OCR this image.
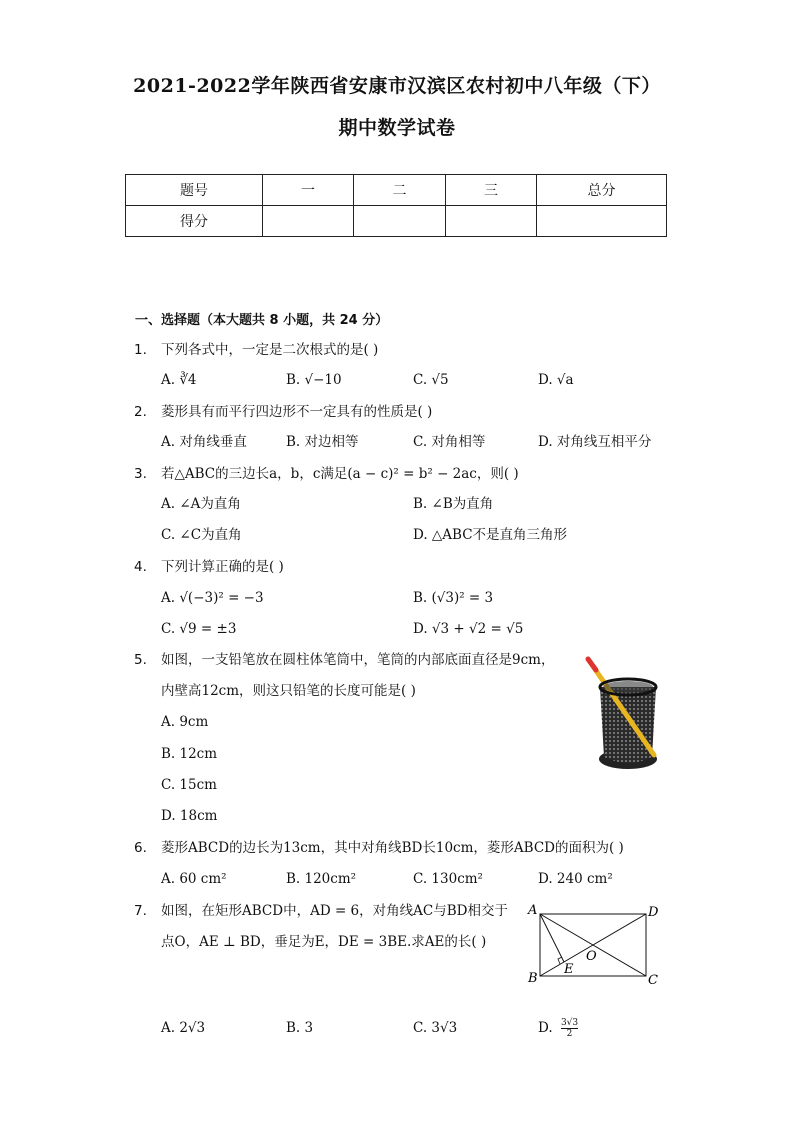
2021-2022学年陕西省安康市汉滨区农村初中八年级（下）
期中数学试卷
题号	一	二	三	总分
得分				
一、选择题（本大题共 8 小题，共 24 分）
1. 下列各式中，一定是二次根式的是( )
A. ∛4	B. √−10	C. √5	D. √a
2. 菱形具有而平行四边形不一定具有的性质是( )
A. 对角线垂直	B. 对边相等	C. 对角相等	D. 对角线互相平分
3. 若△ABC的三边长a，b，c满足(a − c)² = b² − 2ac，则( )
A. ∠A为直角	B. ∠B为直角
C. ∠C为直角	D. △ABC不是直角三角形
4. 下列计算正确的是( )
A. √(−3)² = −3	B. (√3)² = 3
C. √9 = ±3	D. √3 + √2 = √5
5. 如图，一支铅笔放在圆柱体笔筒中，笔筒的内部底面直径是9cm，
内壁高12cm，则这只铅笔的长度可能是( )
A. 9cm
B. 12cm
C. 15cm
D. 18cm
6. 菱形ABCD的边长为13cm，其中对角线BD长10cm，菱形ABCD的面积为( )
A. 60 cm²	B. 120cm²	C. 130cm²	D. 240 cm²
7. 如图，在矩形ABCD中，AD = 6，对角线AC与BD相交于
点O，AE ⊥ BD，垂足为E，DE = 3BE.求AE的长( )
A
B	C
D
E
O
A. 2√3	B. 3	C. 3√3	D. $\frac{3√3}{2}$
